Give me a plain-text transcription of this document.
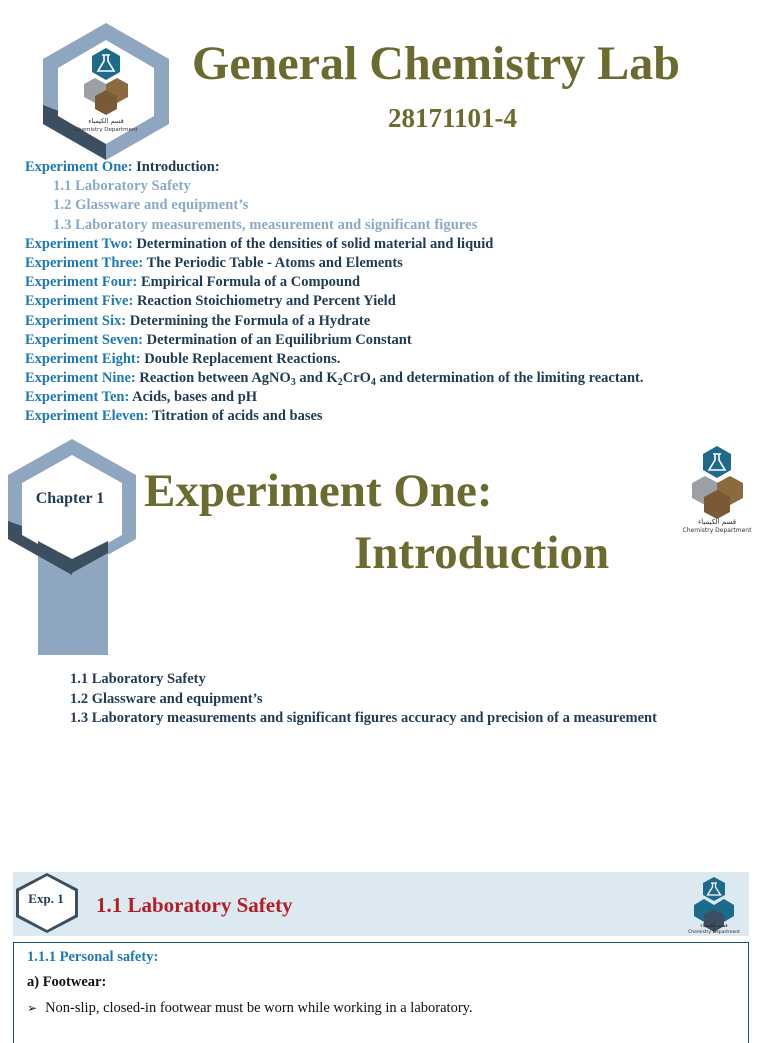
قسم الكيمياء
Chemistry Department
General Chemistry Lab
28171101-4
Experiment One: Introduction:
1.1 Laboratory Safety
1.2 Glassware and equipment’s
1.3 Laboratory measurements, measurement and significant figures
Experiment Two: Determination of the densities of solid material and liquid
Experiment Three: The Periodic Table - Atoms and Elements
Experiment Four: Empirical Formula of a Compound
Experiment Five: Reaction Stoichiometry and Percent Yield
Experiment Six: Determining the Formula of a Hydrate
Experiment Seven: Determination of an Equilibrium Constant
Experiment Eight: Double Replacement Reactions.
Experiment Nine: Reaction between AgNO$_3$ and $K_2CrO_4$ and determination of the limiting reactant.
Experiment Ten: Acids, bases and pH
Experiment Eleven: Titration of acids and bases
Chapter 1 Experiment One:
Introduction
قسم الكيمياء
Chemistry Department
1.1 Laboratory Safety
1.2 Glassware and equipment’s
1.3 Laboratory measurements and significant figures accuracy and precision of a measurement
Exp. 1	1.1 Laboratory Safety
قسم الكيمياء
Chemistry Department
1.1.1 Personal safety:
a) Footwear:
➢ Non-slip, closed-in footwear must be worn while working in a laboratory.
